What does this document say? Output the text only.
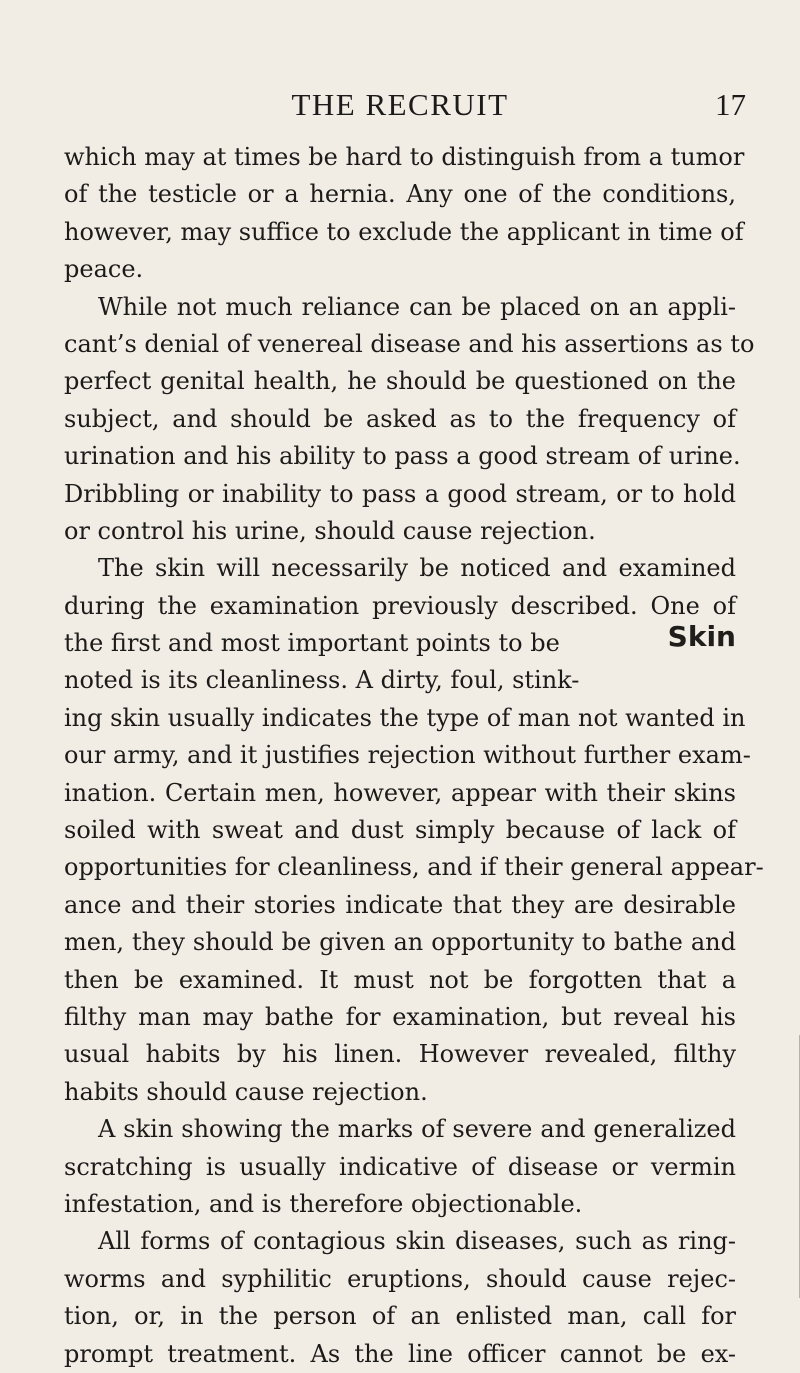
THE RECRUIT	17
Skin
which may at times be hard to distinguish from a tumor
of the testicle or a hernia. Any one of the conditions,
however, may suffice to exclude the applicant in time of
peace.
While not much reliance can be placed on an appli-
cant’s denial of venereal disease and his assertions as to
perfect genital health, he should be questioned on the
subject, and should be asked as to the frequency of
urination and his ability to pass a good stream of urine.
Dribbling or inability to pass a good stream, or to hold
or control his urine, should cause rejection.
The skin will necessarily be noticed and examined
during the examination previously described. One of
the first and most important points to be
noted is its cleanliness. A dirty, foul, stink-
ing skin usually indicates the type of man not wanted in
our army, and it justifies rejection without further exam-
ination. Certain men, however, appear with their skins
soiled with sweat and dust simply because of lack of
opportunities for cleanliness, and if their general appear-
ance and their stories indicate that they are desirable
men, they should be given an opportunity to bathe and
then be examined. It must not be forgotten that a
filthy man may bathe for examination, but reveal his
usual habits by his linen. However revealed, filthy
habits should cause rejection.
A skin showing the marks of severe and generalized
scratching is usually indicative of disease or vermin
infestation, and is therefore objectionable.
All forms of contagious skin diseases, such as ring-
worms and syphilitic eruptions, should cause rejec-
tion, or, in the person of an enlisted man, call for
prompt treatment. As the line officer cannot be ex-
